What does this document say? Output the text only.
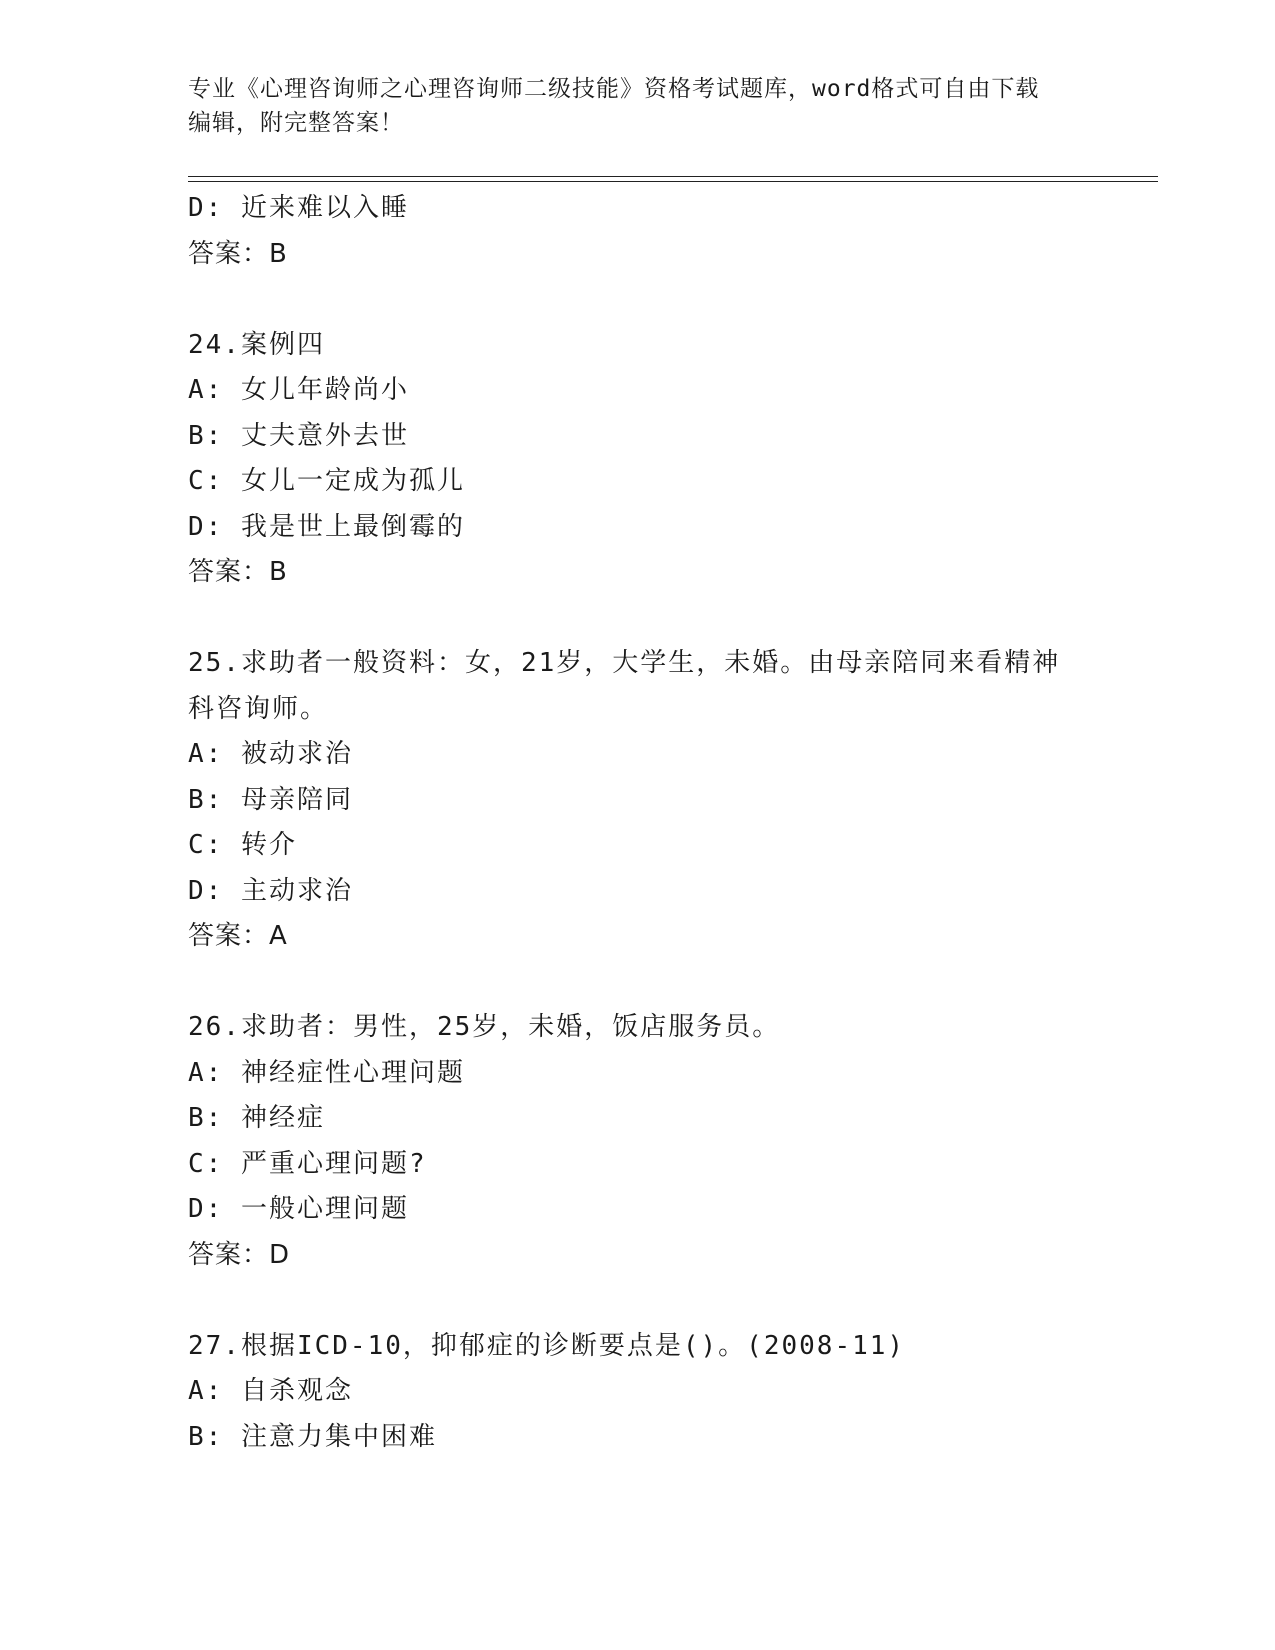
专业《心理咨询师之心理咨询师二级技能》资格考试题库，word格式可自由下载
编辑，附完整答案！
D: 近来难以入睡
答案：B
24.案例四
A: 女儿年龄尚小
B: 丈夫意外去世
C: 女儿一定成为孤儿
D: 我是世上最倒霉的
答案：B
25.求助者一般资料：女，21岁，大学生，未婚。由母亲陪同来看精神
科咨询师。
A: 被动求治
B: 母亲陪同
C: 转介
D: 主动求治
答案：A
26.求助者：男性，25岁，未婚，饭店服务员。
A: 神经症性心理问题
B: 神经症
C: 严重心理问题?
D: 一般心理问题
答案：D
27.根据ICD-10，抑郁症的诊断要点是()。(2008-11)
A: 自杀观念
B: 注意力集中困难
